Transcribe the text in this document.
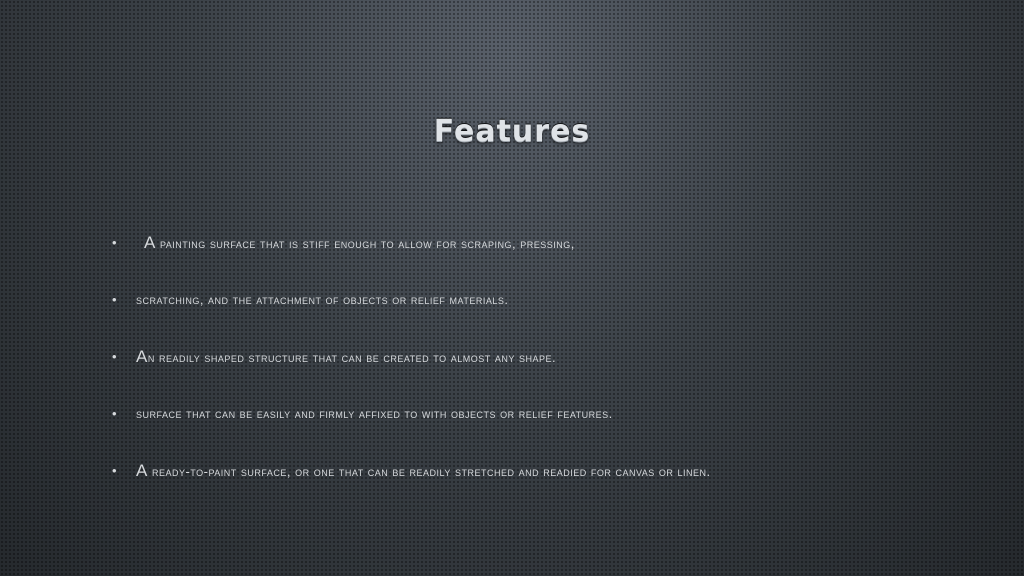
Features
•	a painting surface that is stiff enough to allow for scraping, pressing,
•	scratching, and the attachment of objects or relief materials.
•	an readily shaped structure that can be created to almost any shape.
•	surface that can be easily and firmly affixed to with objects or relief features.
•	a ready-to-paint surface, or one that can be readily stretched and readied for canvas or linen.
